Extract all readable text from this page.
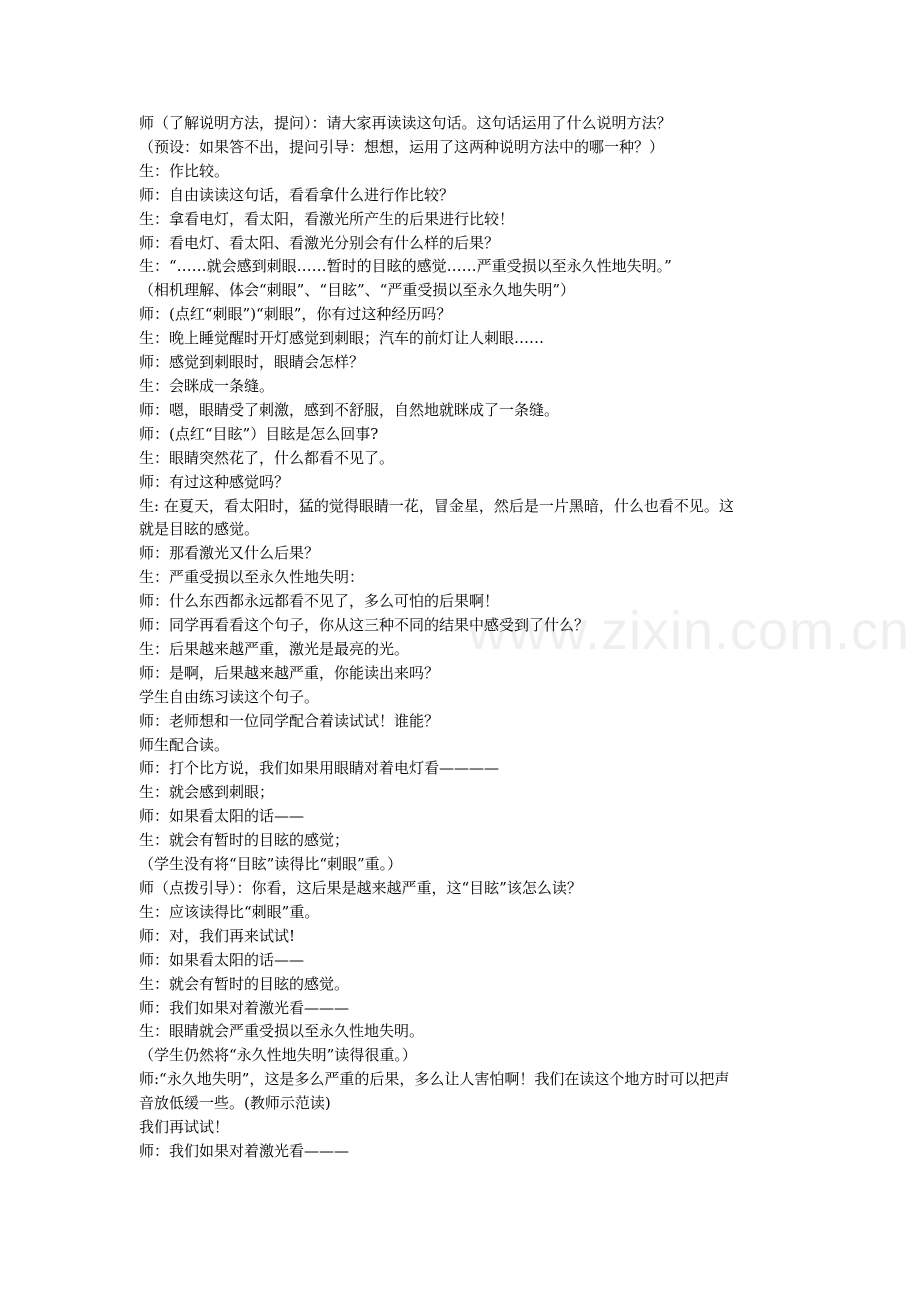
www.zixin.com.cn
师（了解说明方法，提问）：请大家再读读这句话。这句话运用了什么说明方法？
（预设：如果答不出，提问引导：想想，运用了这两种说明方法中的哪一种？）
生：作比较。
师：自由读读这句话，看看拿什么进行作比较？
生：拿看电灯，看太阳，看激光所产生的后果进行比较！
师：看电灯、看太阳、看激光分别会有什么样的后果？
生：“……就会感到刺眼……暂时的目眩的感觉……严重受损以至永久性地失明。”
（相机理解、体会“刺眼”、“目眩”、“严重受损以至永久地失明”）
师：(点红“刺眼”)“刺眼”，你有过这种经历吗？
生：晚上睡觉醒时开灯感觉到刺眼；汽车的前灯让人刺眼……
师：感觉到刺眼时，眼睛会怎样？
生：会眯成一条缝。
师：嗯，眼睛受了刺激，感到不舒服，自然地就眯成了一条缝。
师：(点红“目眩”）目眩是怎么回事?
生：眼睛突然花了，什么都看不见了。
师：有过这种感觉吗？
生: 在夏天，看太阳时，猛的觉得眼睛一花，冒金星，然后是一片黑暗，什么也看不见。这
就是目眩的感觉。
师：那看激光又什么后果？
生：严重受损以至永久性地失明：
师：什么东西都永远都看不见了，多么可怕的后果啊！
师：同学再看看这个句子，你从这三种不同的结果中感受到了什么？
生：后果越来越严重，激光是最亮的光。
师：是啊，后果越来越严重，你能读出来吗？
学生自由练习读这个句子。
师：老师想和一位同学配合着读试试！谁能？
师生配合读。
师：打个比方说，我们如果用眼睛对着电灯看————
生：就会感到刺眼；
师：如果看太阳的话——
生：就会有暂时的目眩的感觉；
（学生没有将“目眩”读得比“刺眼”重。）
师（点拨引导）：你看，这后果是越来越严重，这“目眩”该怎么读？
生：应该读得比“刺眼”重。
师：对，我们再来试试!
师：如果看太阳的话——
生：就会有暂时的目眩的感觉。
师：我们如果对着激光看———
生：眼睛就会严重受损以至永久性地失明。
（学生仍然将“永久性地失明”读得很重。）
师:“永久地失明”，这是多么严重的后果，多么让人害怕啊！我们在读这个地方时可以把声
音放低缓一些。(教师示范读)
我们再试试！
师：我们如果对着激光看———
